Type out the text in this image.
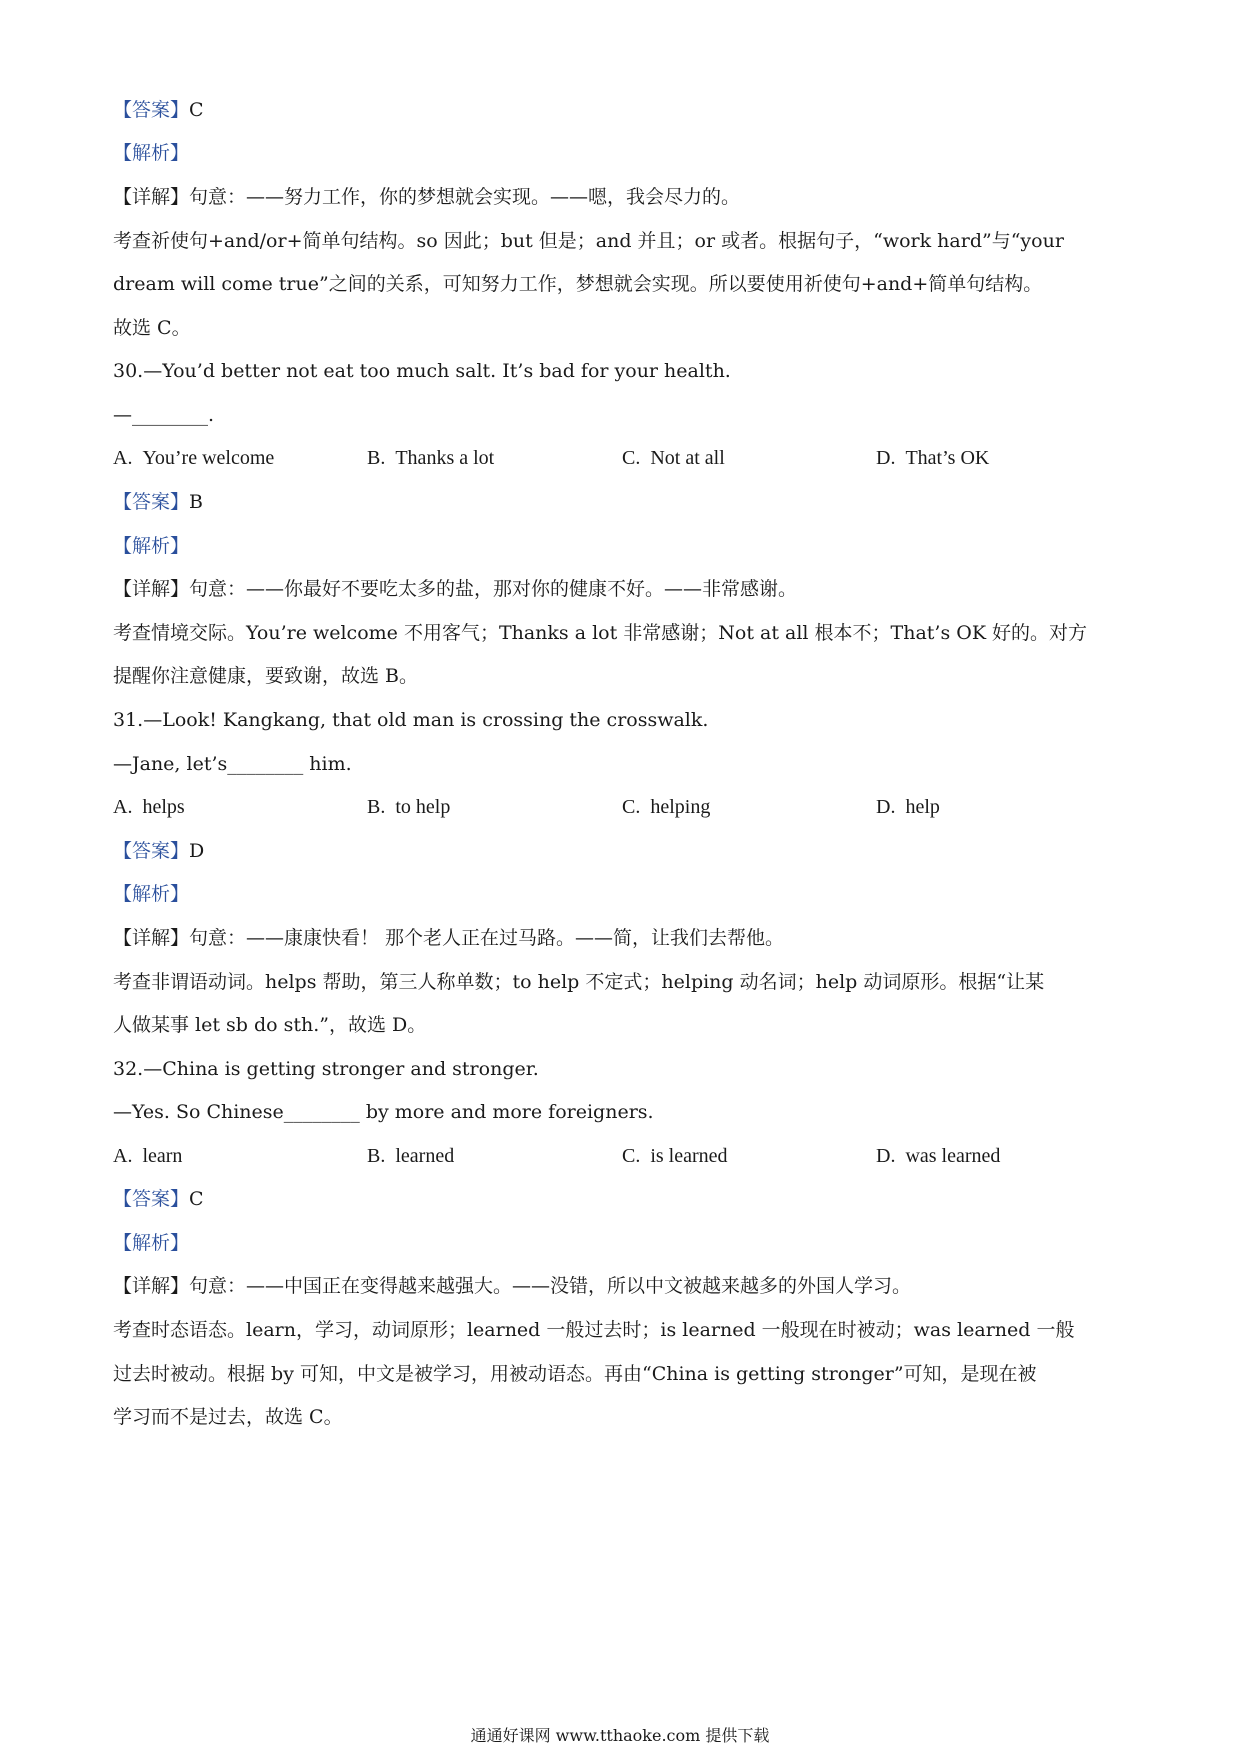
【答案】C
【解析】
【详解】句意：——努力工作，你的梦想就会实现。——嗯，我会尽力的。
考查祈使句+and/or+简单句结构。so 因此；but 但是；and 并且；or 或者。根据句子，“work hard”与“your
dream will come true”之间的关系，可知努力工作，梦想就会实现。所以要使用祈使句+and+简单句结构。
故选 C。
30.—You’d better not eat too much salt. It’s bad for your health.
—________.
A. You’re welcome	B. Thanks a lot	C. Not at all	D. That’s OK
【答案】B
【解析】
【详解】句意：——你最好不要吃太多的盐，那对你的健康不好。——非常感谢。
考查情境交际。You’re welcome 不用客气；Thanks a lot 非常感谢；Not at all 根本不；That’s OK 好的。对方
提醒你注意健康，要致谢，故选 B。
31.—Look! Kangkang, that old man is crossing the crosswalk.
—Jane, let’s________ him.
A. helps	B. to help	C. helping	D. help
【答案】D
【解析】
【详解】句意：——康康快看！ 那个老人正在过马路。——简，让我们去帮他。
考查非谓语动词。helps 帮助，第三人称单数；to help 不定式；helping 动名词；help 动词原形。根据“让某
人做某事 let sb do sth.”，故选 D。
32.—China is getting stronger and stronger.
—Yes. So Chinese________ by more and more foreigners.
A. learn	B. learned	C. is learned	D. was learned
【答案】C
【解析】
【详解】句意：——中国正在变得越来越强大。——没错，所以中文被越来越多的外国人学习。
考查时态语态。learn，学习，动词原形；learned 一般过去时；is learned 一般现在时被动；was learned 一般
过去时被动。根据 by 可知，中文是被学习，用被动语态。再由“China is getting stronger”可知，是现在被
学习而不是过去，故选 C。
通通好课网 www.tthaoke.com 提供下载
